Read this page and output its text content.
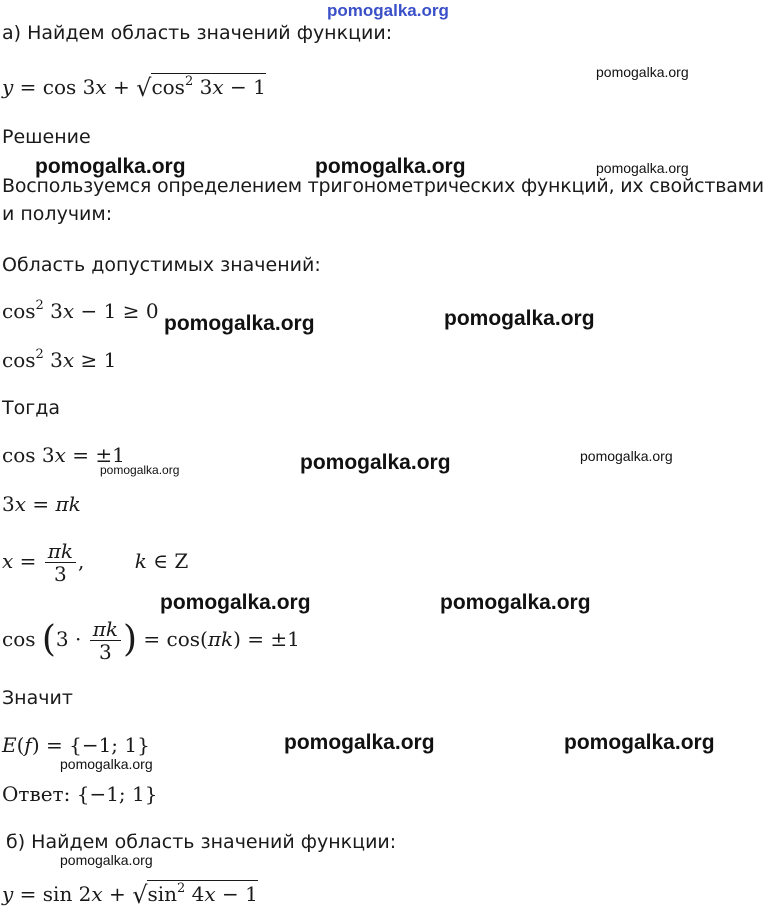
pomogalka.org
а) Найдем область значений функции:
$y = \cos 3x + √\cos^2$ 3x − 1
Решение
Воспользуемся определением тригонометрических функций, их свойствами
и получим:
Область допустимых значений:
$\cos^2 3x - 1 \ge 0$
$\cos^2 3x \ge 1$
Тогда
cos 3x = ±1
3x = πk
$x = \frac{\pi k}{3}$ , k ∈ Z
$\cos (3 \cdot \frac{\pi k}{3}$ ) = cos(πk) = ±1
Значит
E(f) = {−1; 1}
Ответ: {−1; 1}
б) Найдем область значений функции:
$y = \sin 2x + √\sin^2$ 4x − 1
pomogalka.org
pomogalka.org	pomogalka.org	pomogalka.org
pomogalka.org	pomogalka.org
pomogalka.org	pomogalka.org	pomogalka.org
pomogalka.org	pomogalka.org
pomogalka.org	pomogalka.org
pomogalka.org
pomogalka.org
